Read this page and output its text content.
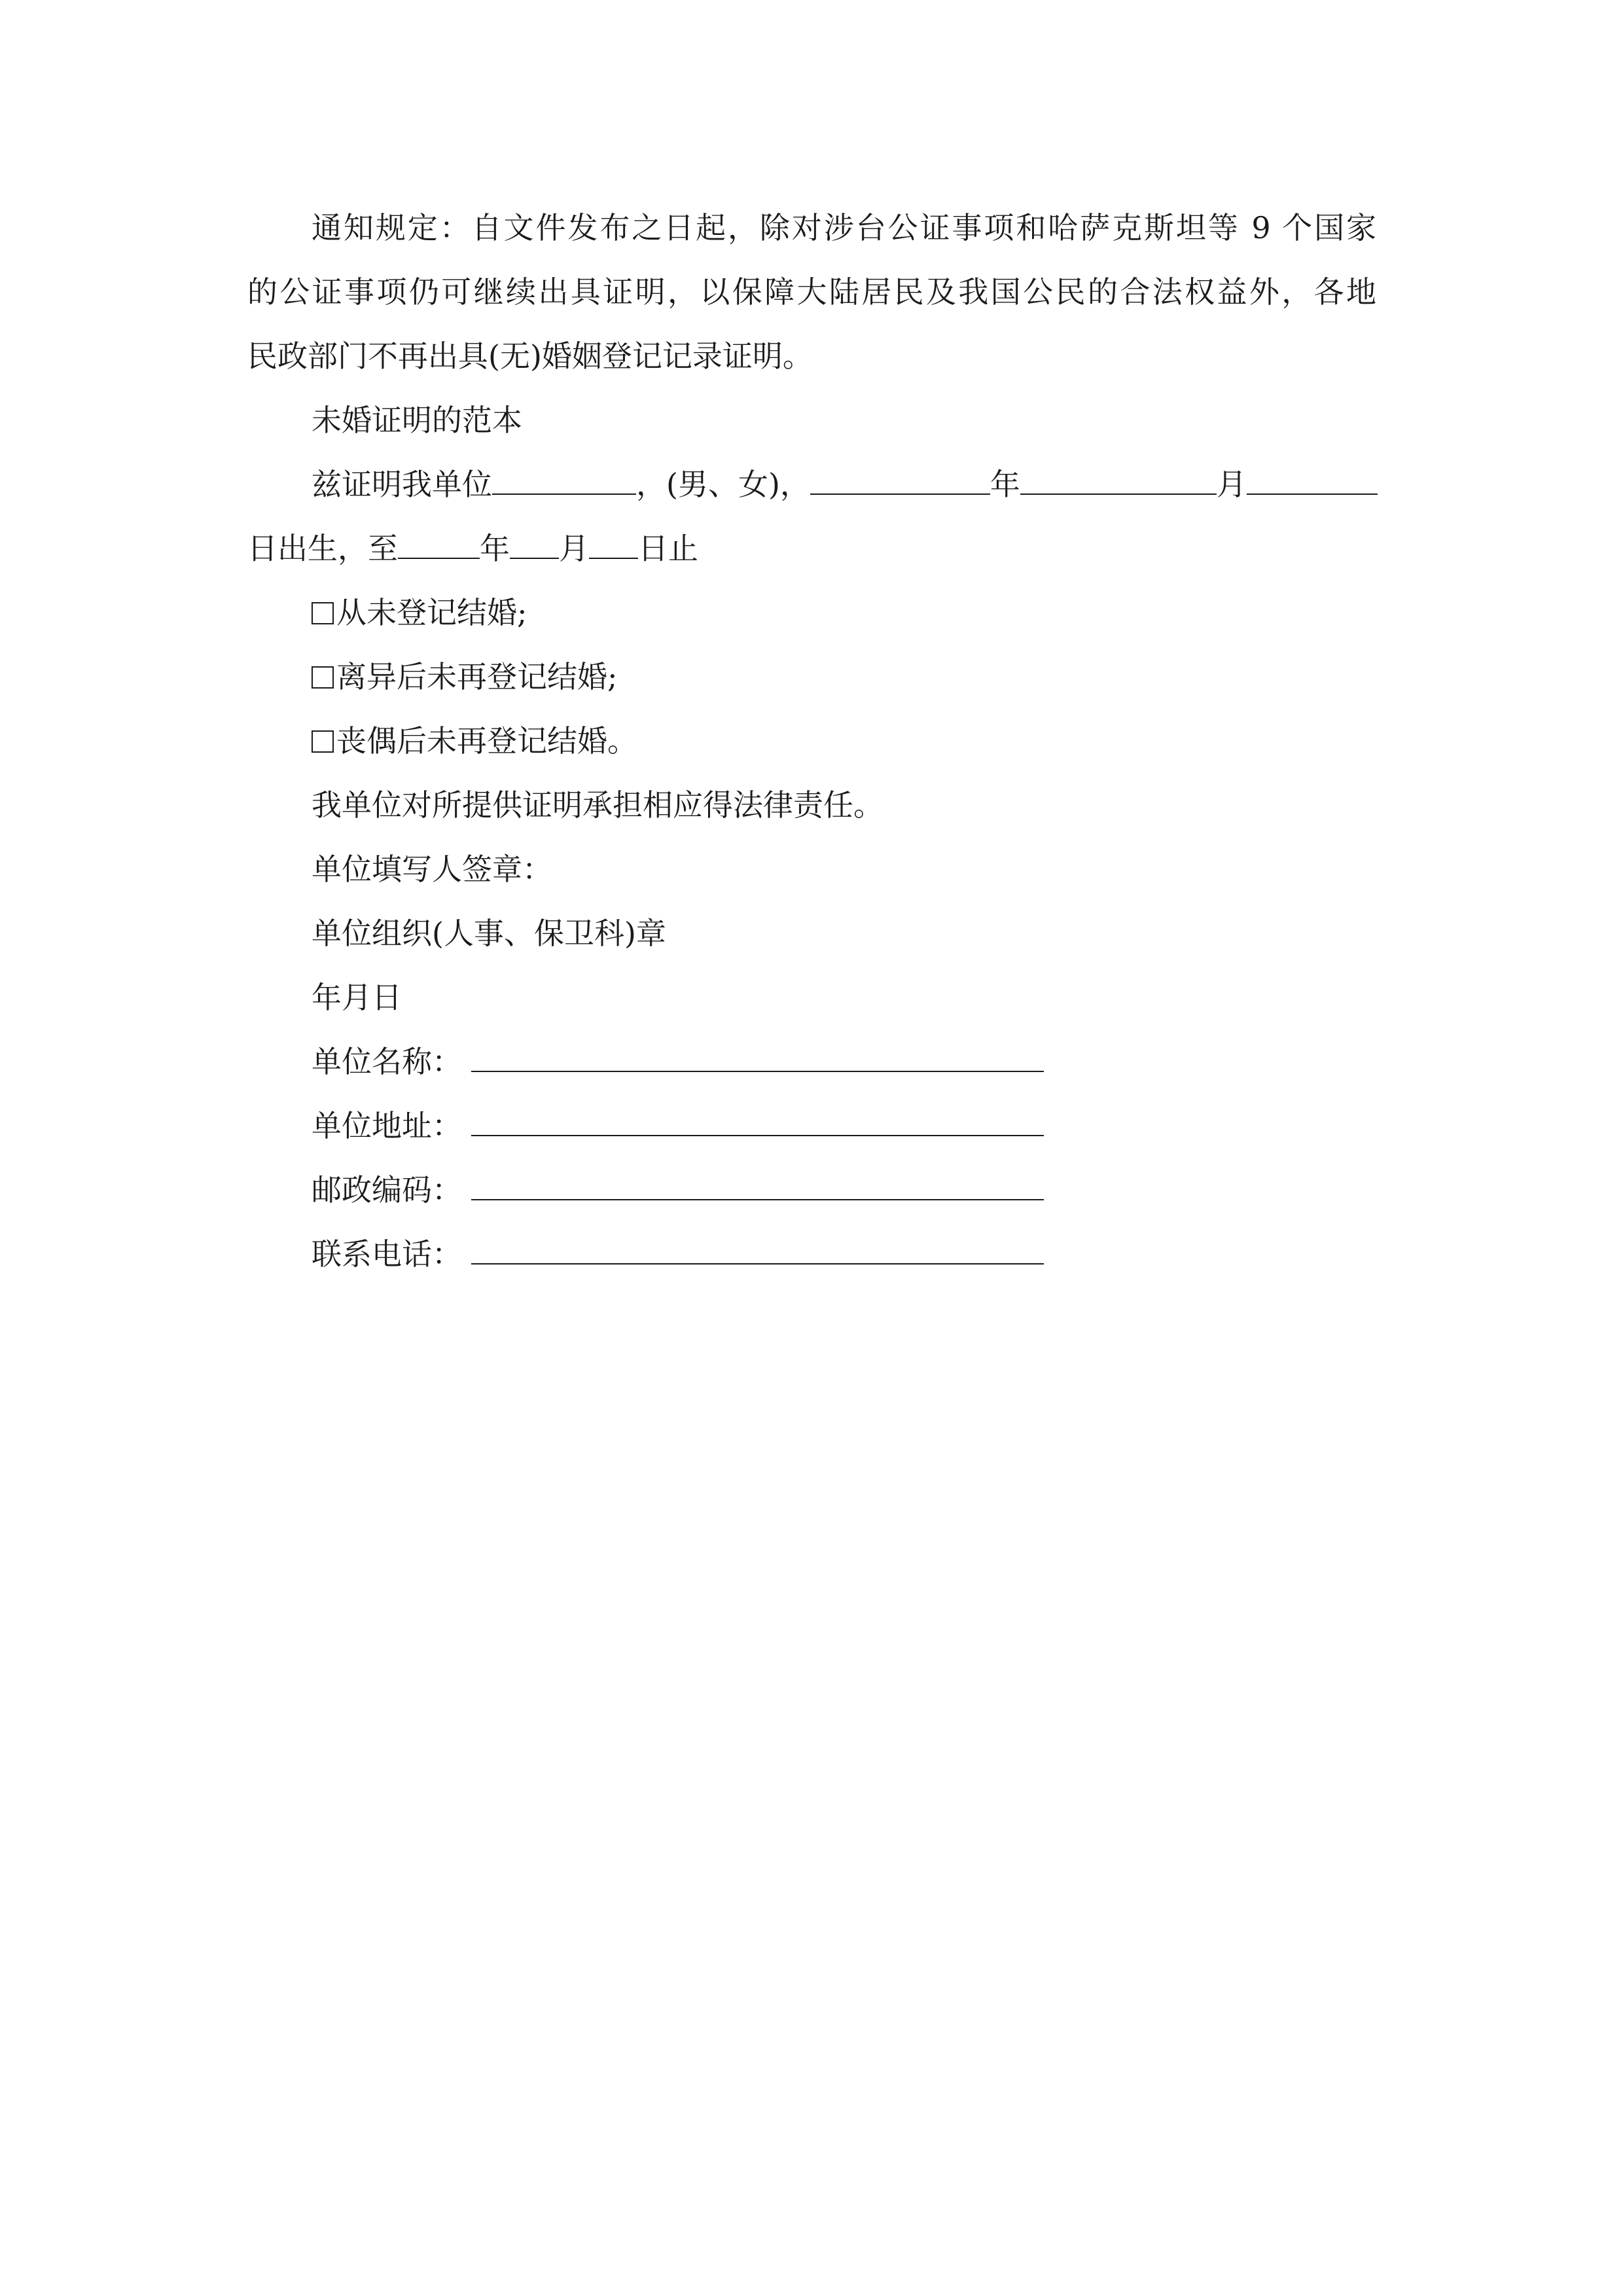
通知规定：自文件发布之日起，除对涉台公证事项和哈萨克斯坦等 9 个国家
的公证事项仍可继续出具证明，以保障大陆居民及我国公民的合法权益外，各地
民政部门不再出具(无)婚姻登记记录证明。
未婚证明的范本
兹证明我单位	，(男、女)，	年	月
日出生，至	年 月 日止
从未登记结婚;
离异后未再登记结婚;
丧偶后未再登记结婚。
我单位对所提供证明承担相应得法律责任。
单位填写人签章：
单位组织(人事、保卫科)章
年月日
单位名称：
单位地址：
邮政编码：
联系电话：
